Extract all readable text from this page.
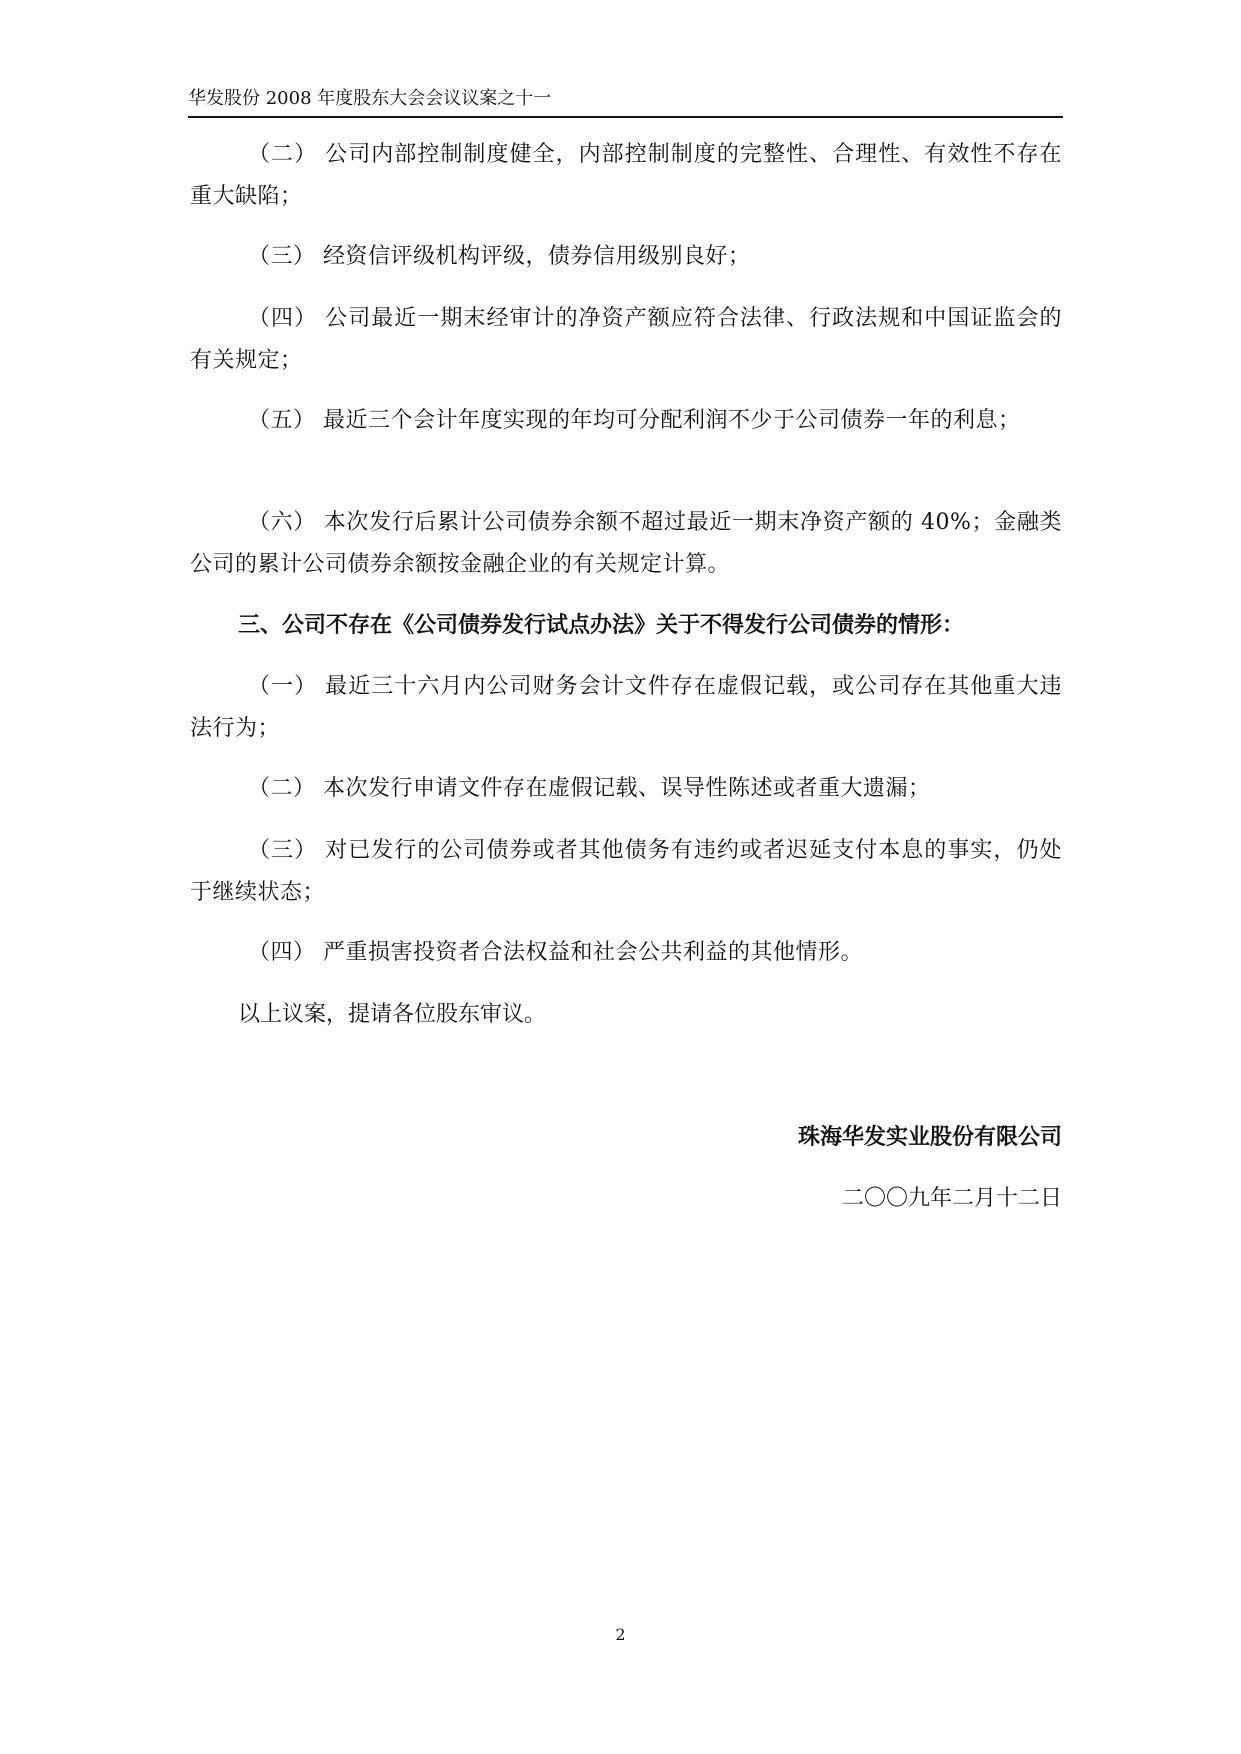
华发股份 2008 年度股东大会会议议案之十一

（二） 公司内部控制制度健全，内部控制制度的完整性、合理性、有效性不存在重大缺陷；

（三） 经资信评级机构评级，债券信用级别良好；

（四） 公司最近一期末经审计的净资产额应符合法律、行政法规和中国证监会的有关规定；

（五） 最近三个会计年度实现的年均可分配利润不少于公司债券一年的利息；

（六） 本次发行后累计公司债券余额不超过最近一期末净资产额的 40%；金融类公司的累计公司债券余额按金融企业的有关规定计算。

三、公司不存在《公司债券发行试点办法》关于不得发行公司债券的情形：

（一） 最近三十六月内公司财务会计文件存在虚假记载，或公司存在其他重大违法行为；

（二） 本次发行申请文件存在虚假记载、误导性陈述或者重大遗漏；

（三） 对已发行的公司债券或者其他债务有违约或者迟延支付本息的事实，仍处于继续状态；

（四） 严重损害投资者合法权益和社会公共利益的其他情形。

以上议案，提请各位股东审议。
珠海华发实业股份有限公司
二〇〇九年二月十二日
2
